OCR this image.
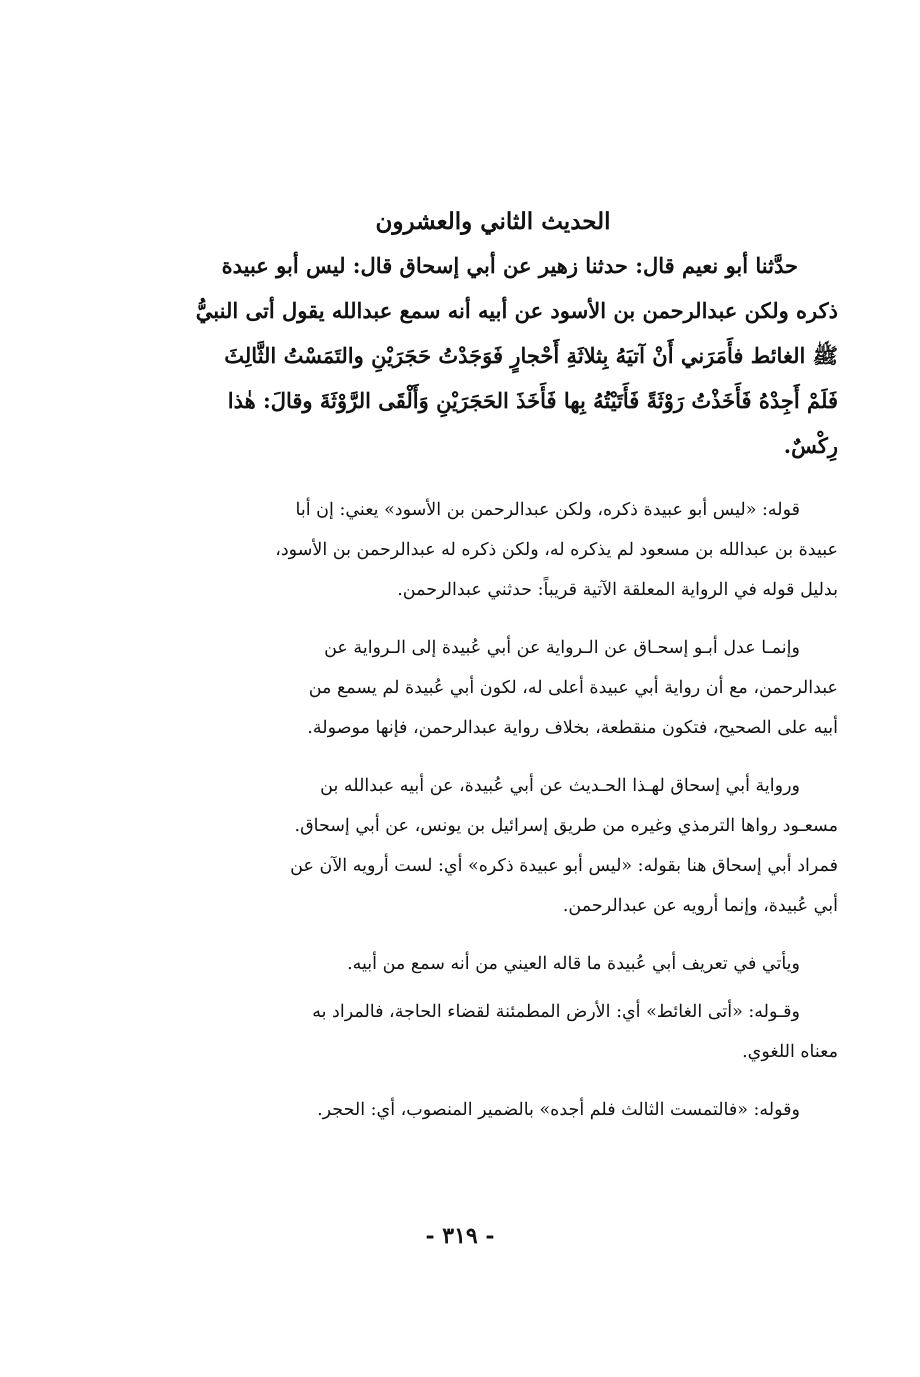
الحديث الثاني والعشرون

حدَّثنا أبو نعيم قال: حدثنا زهير عن أبي إسحاق قال: ليس أبو عبيدة
ذكره ولكن عبدالرحمن بن الأسود عن أبيه أنه سمع عبدالله يقول أتى النبيُّ
ﷺ الغائط فأَمَرَني أَنْ آتيَهُ بِثلاثَةِ أَحْجارٍ فَوَجَدْتُ حَجَرَيْنِ والتَمَسْتُ الثَّالِثَ
فَلَمْ أَجِدْهُ فَأَخَذْتُ رَوْثَةً فَأَتَيْتُهُ بِها فَأَخَذَ الحَجَرَيْنِ وَأَلْقَى الرَّوْثَةَ وقالَ: هٰذا
رِكْسٌ.

قوله: «ليس أبو عبيدة ذكره، ولكن عبدالرحمن بن الأسود» يعني: إن أبا
عبيدة بن عبدالله بن مسعود لم يذكره له، ولكن ذكره له عبدالرحمن بن الأسود،
بدليل قوله في الرواية المعلقة الآتية قريباً: حدثني عبدالرحمن.

وإنمـا عدل أبـو إسحـاق عن الـرواية عن أبي عُبيدة إلى الـرواية عن
عبدالرحمن، مع أن رواية أبي عبيدة أعلى له، لكون أبي عُبيدة لم يسمع من
أبيه على الصحيح، فتكون منقطعة، بخلاف رواية عبدالرحمن، فإنها موصولة.

ورواية أبي إسحاق لهـذا الحـديث عن أبي عُبيدة، عن أبيه عبدالله بن
مسعـود رواها الترمذي وغيره من طريق إسرائيل بن يونس، عن أبي إسحاق.
فمراد أبي إسحاق هنا بقوله: «ليس أبو عبيدة ذكره» أي: لست أرويه الآن عن
أبي عُبيدة، وإنما أرويه عن عبدالرحمن.

ويأتي في تعريف أبي عُبيدة ما قاله العيني من أنه سمع من أبيه.

وقـوله: «أتى الغائط» أي: الأرض المطمئنة لقضاء الحاجة، فالمراد به
معناه اللغوي.

وقوله: «فالتمست الثالث فلم أجده» بالضمير المنصوب، أي: الحجر.

- ٣١٩ -
